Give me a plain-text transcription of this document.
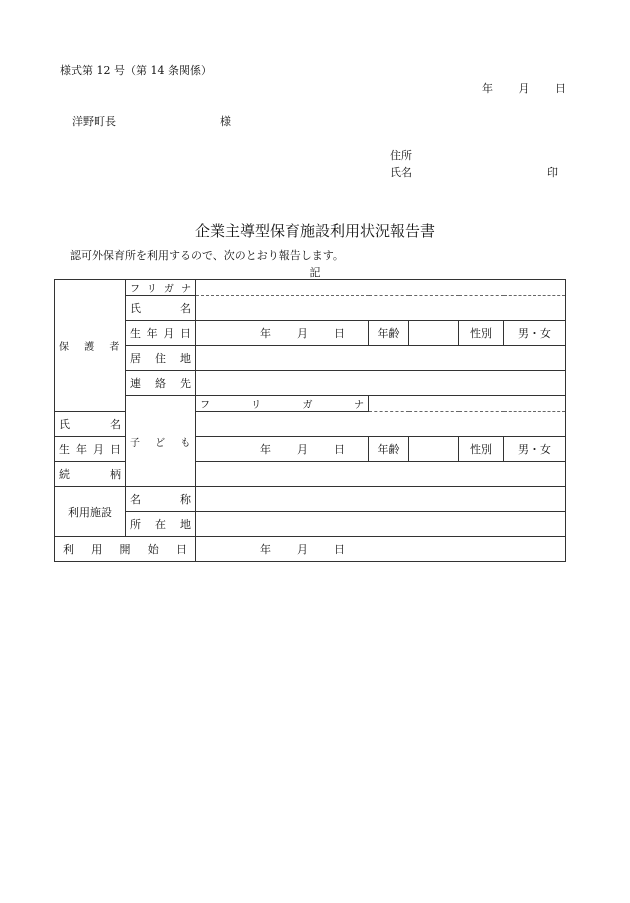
様式第 12 号（第 14 条関係）
年 月 日
洋野町長	様
住所
氏名	印
企業主導型保育施設利用状況報告書
認可外保育所を利用するので、次のとおり報告します。
記
保 護 者	フリガナ					
	氏名					
	生年月日	年 月 日	年齢		性別	男・女
	居住地					
	連絡先					
	子 ど も	フリガナ				
氏名						
生年月日		年 月 日	年齢		性別	男・女
続柄						
利用施設	名称					
	所在地					
利用開始日		年 月 日				
